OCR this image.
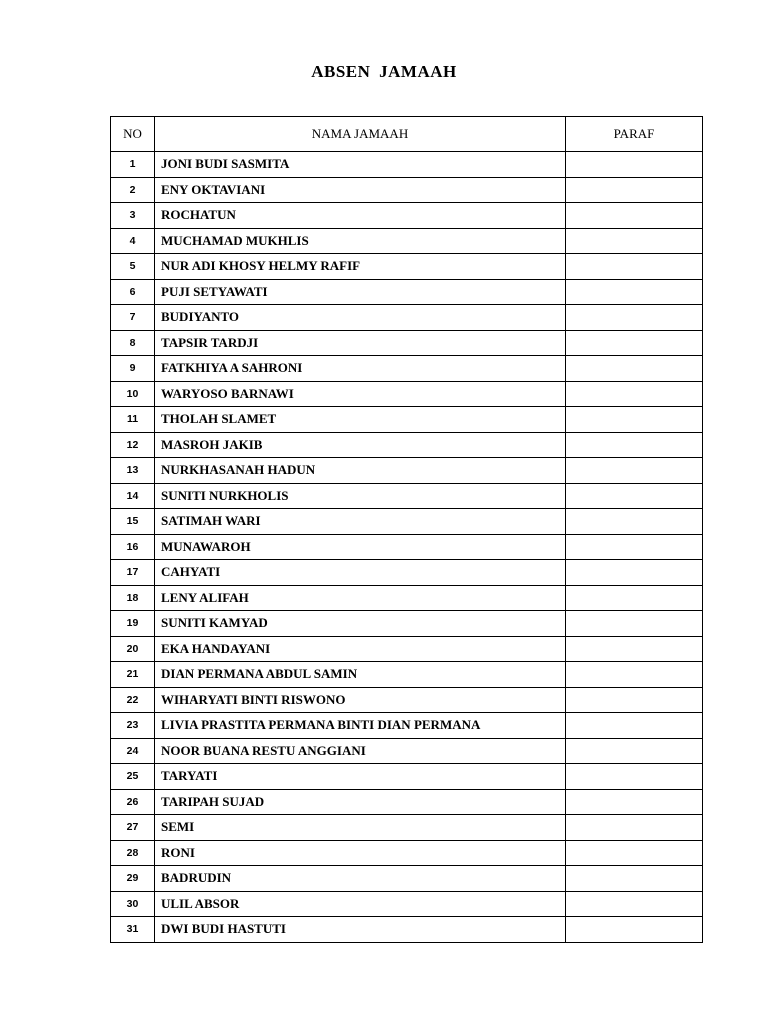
ABSEN JAMAAH
NO	NAMA JAMAAH	PARAF
1	JONI BUDI SASMITA	
2	ENY OKTAVIANI	
3	ROCHATUN	
4	MUCHAMAD MUKHLIS	
5	NUR ADI KHOSY HELMY RAFIF	
6	PUJI SETYAWATI	
7	BUDIYANTO	
8	TAPSIR TARDJI	
9	FATKHIYA A SAHRONI	
10	WARYOSO BARNAWI	
11	THOLAH SLAMET	
12	MASROH JAKIB	
13	NURKHASANAH HADUN	
14	SUNITI NURKHOLIS	
15	SATIMAH WARI	
16	MUNAWAROH	
17	CAHYATI	
18	LENY ALIFAH	
19	SUNITI KAMYAD	
20	EKA HANDAYANI	
21	DIAN PERMANA ABDUL SAMIN	
22	WIHARYATI BINTI RISWONO	
23	LIVIA PRASTITA PERMANA BINTI DIAN PERMANA	
24	NOOR BUANA RESTU ANGGIANI	
25	TARYATI	
26	TARIPAH SUJAD	
27	SEMI	
28	RONI	
29	BADRUDIN	
30	ULIL ABSOR	
31	DWI BUDI HASTUTI	
